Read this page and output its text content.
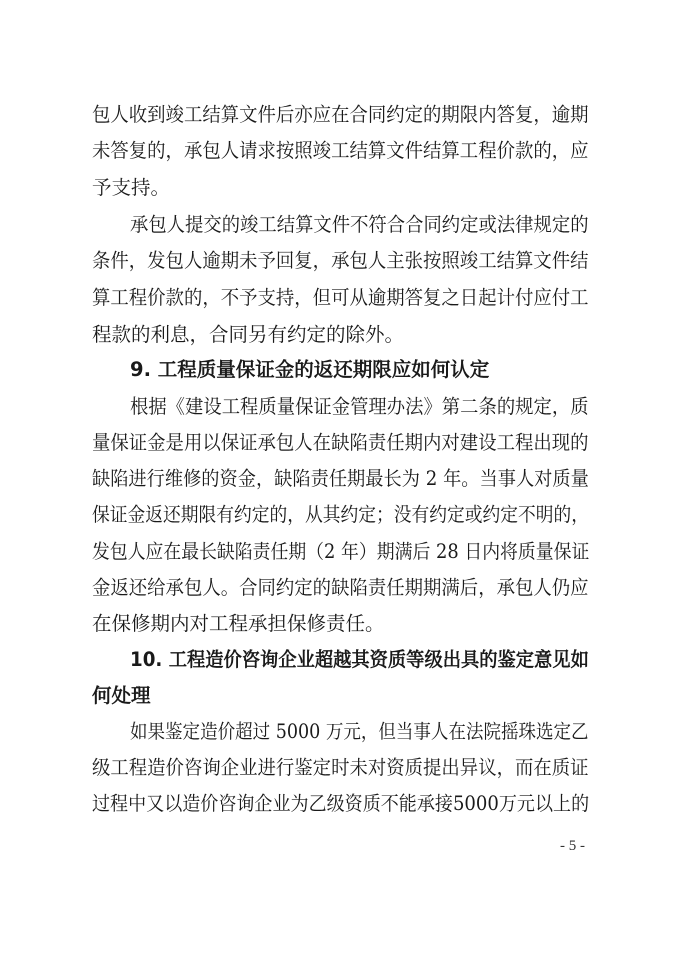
包人收到竣工结算文件后亦应在合同约定的期限内答复，逾期
未答复的，承包人请求按照竣工结算文件结算工程价款的，应
予支持。
承包人提交的竣工结算文件不符合合同约定或法律规定的
条件，发包人逾期未予回复，承包人主张按照竣工结算文件结
算工程价款的，不予支持，但可从逾期答复之日起计付应付工
程款的利息，合同另有约定的除外。
9. 工程质量保证金的返还期限应如何认定
根据《建设工程质量保证金管理办法》第二条的规定，质
量保证金是用以保证承包人在缺陷责任期内对建设工程出现的
缺陷进行维修的资金，缺陷责任期最长为 2 年。当事人对质量
保证金返还期限有约定的，从其约定；没有约定或约定不明的，
发包人应在最长缺陷责任期（2 年）期满后 28 日内将质量保证
金返还给承包人。合同约定的缺陷责任期期满后，承包人仍应
在保修期内对工程承担保修责任。
10. 工程造价咨询企业超越其资质等级出具的鉴定意见如
何处理
如果鉴定造价超过 5000 万元，但当事人在法院摇珠选定乙
级工程造价咨询企业进行鉴定时未对资质提出异议，而在质证
过程中又以造价咨询企业为乙级资质不能承接5000万元以上的
- 5 -
